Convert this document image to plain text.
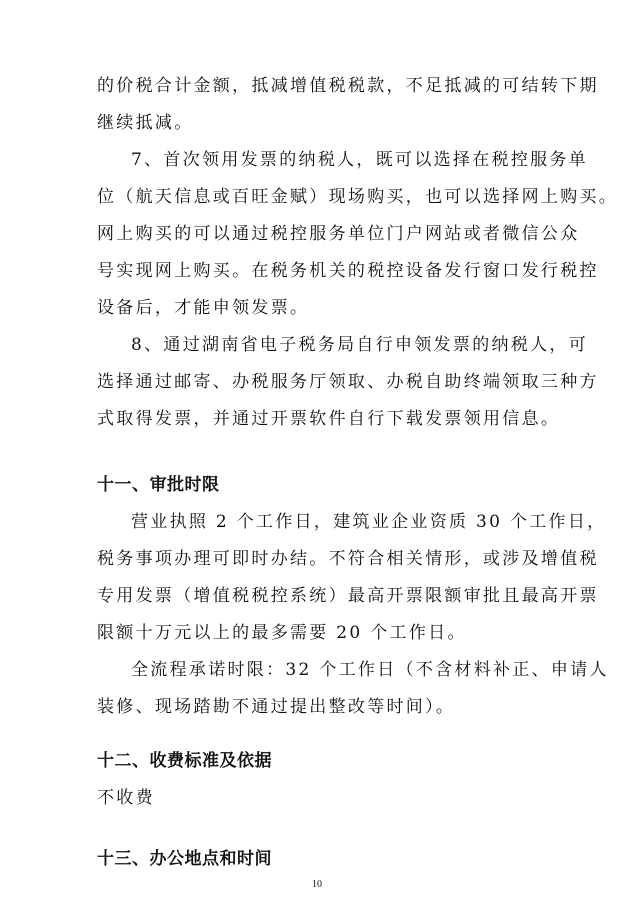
的价税合计金额，抵减增值税税款，不足抵减的可结转下期
继续抵减。
7、首次领用发票的纳税人，既可以选择在税控服务单
位（航天信息或百旺金赋）现场购买，也可以选择网上购买。
网上购买的可以通过税控服务单位门户网站或者微信公众
号实现网上购买。在税务机关的税控设备发行窗口发行税控
设备后，才能申领发票。
8、通过湖南省电子税务局自行申领发票的纳税人，可
选择通过邮寄、办税服务厅领取、办税自助终端领取三种方
式取得发票，并通过开票软件自行下载发票领用信息。
十一、审批时限
营业执照 2 个工作日，建筑业企业资质 30 个工作日，
税务事项办理可即时办结。不符合相关情形，或涉及增值税
专用发票（增值税税控系统）最高开票限额审批且最高开票
限额十万元以上的最多需要 20 个工作日。
全流程承诺时限：32 个工作日（不含材料补正、申请人
装修、现场踏勘不通过提出整改等时间）。
十二、收费标准及依据
不收费
十三、办公地点和时间
10
